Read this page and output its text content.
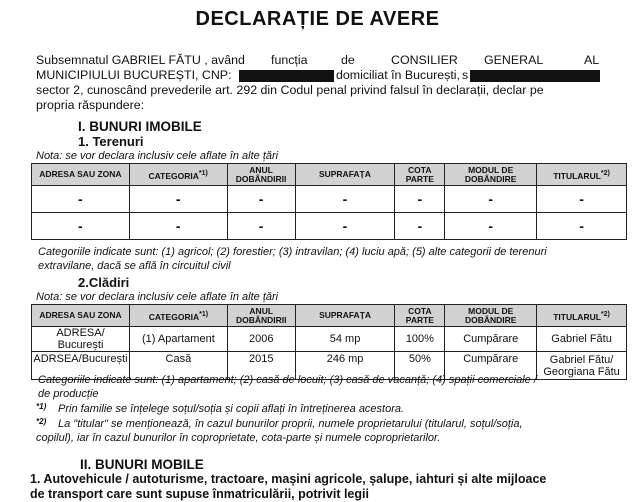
DECLARAȚIE DE AVERE
Subsemnatul GABRIEL FĂTU , având funcția	de	CONSILIER GENERAL	AL
MUNICIPIULUI BUCUREȘTI, CNP:	domiciliat în București, s
sector 2, cunoscând prevederile art. 292 din Codul penal privind falsul în declarații, declar pe
propria răspundere:
I. BUNURI IMOBILE
1. Terenuri
Nota: se vor declara inclusiv cele aflate în alte țări
ADRESA SAU ZONA	CATEGORIA$^{*1)}$	ANUL DOBÂNDIRII	SUPRAFAȚA	COTA PARTE	MODUL DE DOBÂNDIRE	TITULARUL$^{*2)}$
-	-	-	-	-	-	-
-	-	-	-	-	-	-
Categoriile indicate sunt: (1) agricol; (2) forestier; (3) intravilan; (4) luciu apă; (5) alte categorii de terenuri
extravilane, dacă se află în circuitul civil
2.Clădiri
Nota: se vor declara inclusiv cele aflate în alte țări
ADRESA SAU ZONA	CATEGORIA$^{*1)}$	ANUL DOBÂNDIRII	SUPRAFAȚA	COTA PARTE	MODUL DE DOBÂNDIRE	TITULARUL$^{*2)}$
ADRESA/ București	(1) Apartament	2006	54 mp	100%	Cumpărare	Gabriel Fătu
ADRSEA/București	Casă	2015	246 mp	50%	Cumpărare	Gabriel Fătu/ Georgiana Fătu
Categoriile indicate sunt: (1) apartament; (2) casă de locuit; (3) casă de vacanță; (4) spații comerciale /
de producție
*1) Prin familie se înțelege soțul/soția și copii aflați în întreținerea acestora.
*2) La "titular" se menționează, în cazul bunurilor proprii, numele proprietarului (titularul, soțul/soția,
copilul), iar în cazul bunurilor în coproprietate, cota-parte și numele coproprietarilor.
II. BUNURI MOBILE
1. Autovehicule / autoturisme, tractoare, mașini agricole, șalupe, iahturi și alte mijloace
de transport care sunt supuse înmatriculării, potrivit legii
